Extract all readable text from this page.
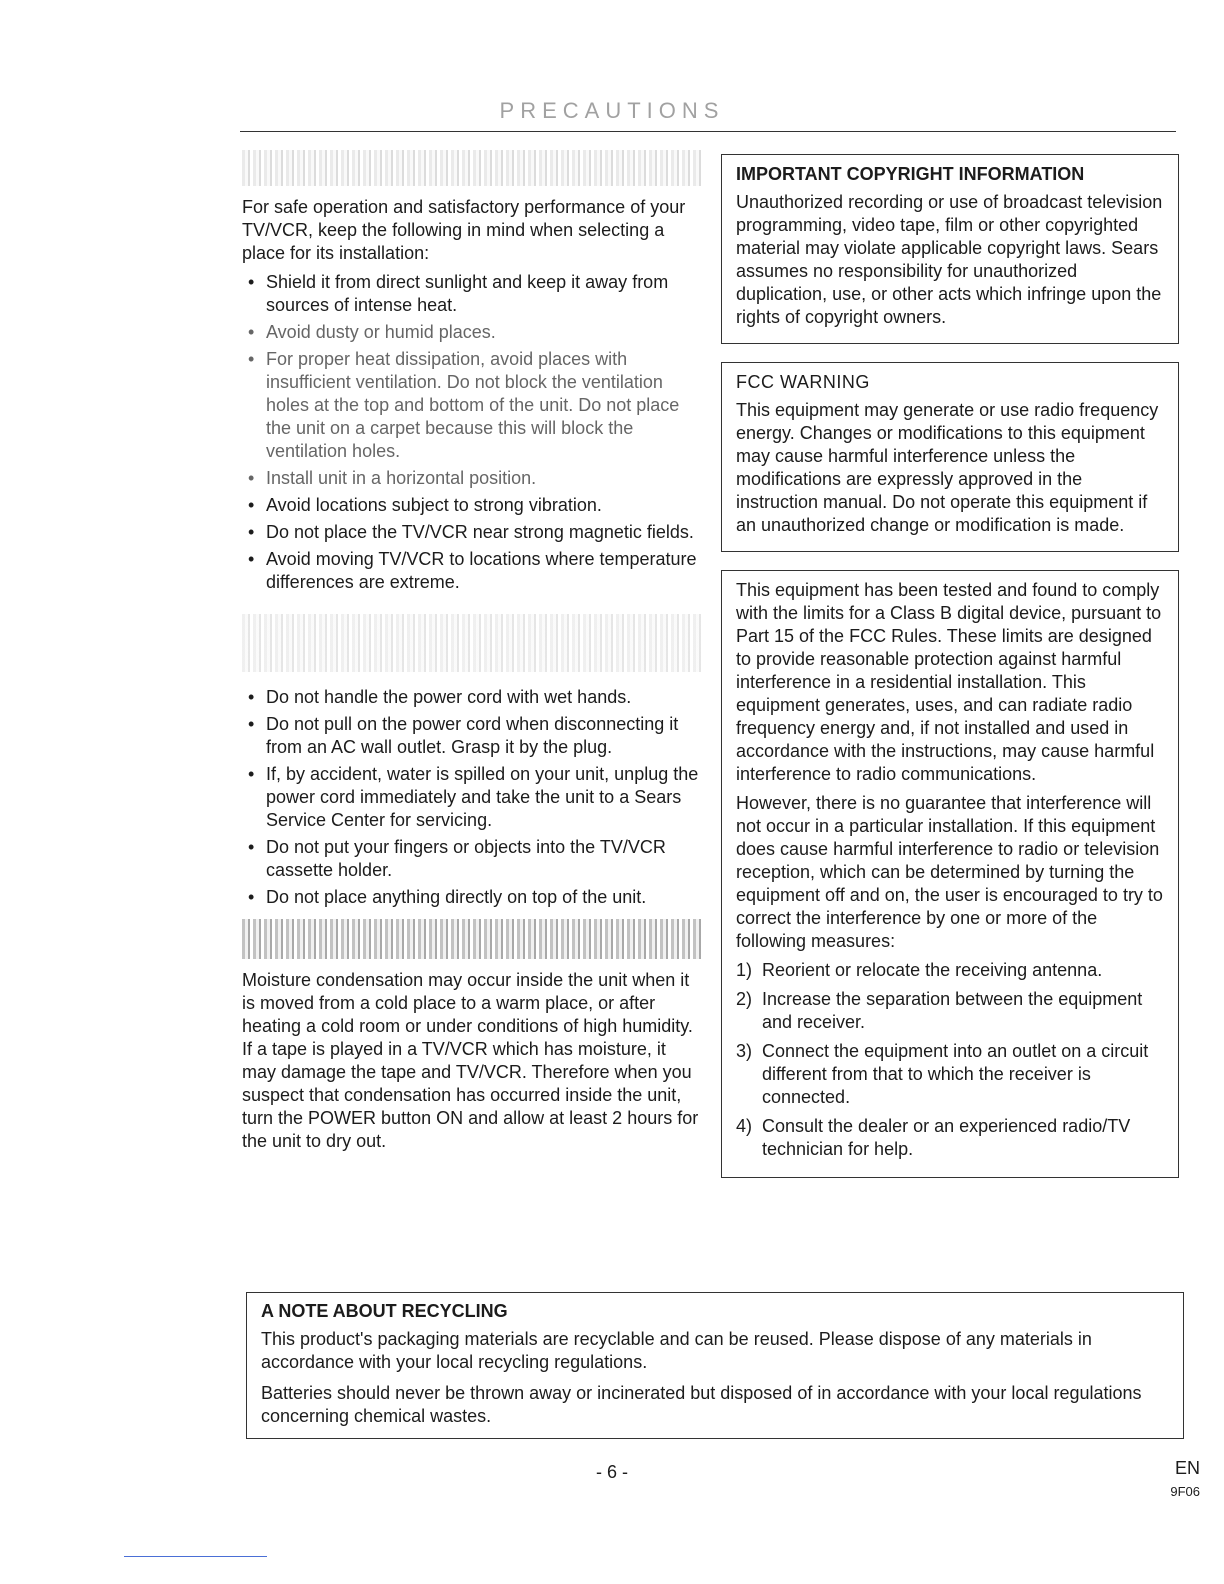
PRECAUTIONS

For safe operation and satisfactory performance of your TV/VCR, keep the following in mind when selecting a place for its installation:

• Shield it from direct sunlight and keep it away from sources of intense heat.
• Avoid dusty or humid places.
• For proper heat dissipation, avoid places with insufficient ventilation. Do not block the ventilation holes at the top and bottom of the unit. Do not place the unit on a carpet because this will block the ventilation holes.
• Install unit in a horizontal position.
• Avoid locations subject to strong vibration.
• Do not place the TV/VCR near strong magnetic fields.
• Avoid moving TV/VCR to locations where temperature differences are extreme.
• Do not handle the power cord with wet hands.
• Do not pull on the power cord when disconnecting it from an AC wall outlet. Grasp it by the plug.
• If, by accident, water is spilled on your unit, unplug the power cord immediately and take the unit to a Sears Service Center for servicing.
• Do not put your fingers or objects into the TV/VCR cassette holder.
• Do not place anything directly on top of the unit.

Moisture condensation may occur inside the unit when it is moved from a cold place to a warm place, or after heating a cold room or under conditions of high humidity. If a tape is played in a TV/VCR which has moisture, it may damage the tape and TV/VCR. Therefore when you suspect that condensation has occurred inside the unit, turn the POWER button ON and allow at least 2 hours for the unit to dry out.

IMPORTANT COPYRIGHT INFORMATION

Unauthorized recording or use of broadcast television programming, video tape, film or other copyrighted material may violate applicable copyright laws. Sears assumes no responsibility for unauthorized duplication, use, or other acts which infringe upon the rights of copyright owners.

FCC WARNING

This equipment may generate or use radio frequency energy. Changes or modifications to this equipment may cause harmful interference unless the modifications are expressly approved in the instruction manual. Do not operate this equipment if an unauthorized change or modification is made.

This equipment has been tested and found to comply with the limits for a Class B digital device, pursuant to Part 15 of the FCC Rules. These limits are designed to provide reasonable protection against harmful interference in a residential installation. This equipment generates, uses, and can radiate radio frequency energy and, if not installed and used in accordance with the instructions, may cause harmful interference to radio communications.

However, there is no guarantee that interference will not occur in a particular installation. If this equipment does cause harmful interference to radio or television reception, which can be determined by turning the equipment off and on, the user is encouraged to try to correct the interference by one or more of the following measures:

1) Reorient or relocate the receiving antenna.
2) Increase the separation between the equipment and receiver.
3) Connect the equipment into an outlet on a circuit different from that to which the receiver is connected.
4) Consult the dealer or an experienced radio/TV technician for help.
A NOTE ABOUT RECYCLING

This product's packaging materials are recyclable and can be reused. Please dispose of any materials in accordance with your local recycling regulations.

Batteries should never be thrown away or incinerated but disposed of in accordance with your local regulations concerning chemical wastes.

- 6 -	EN
9F06
